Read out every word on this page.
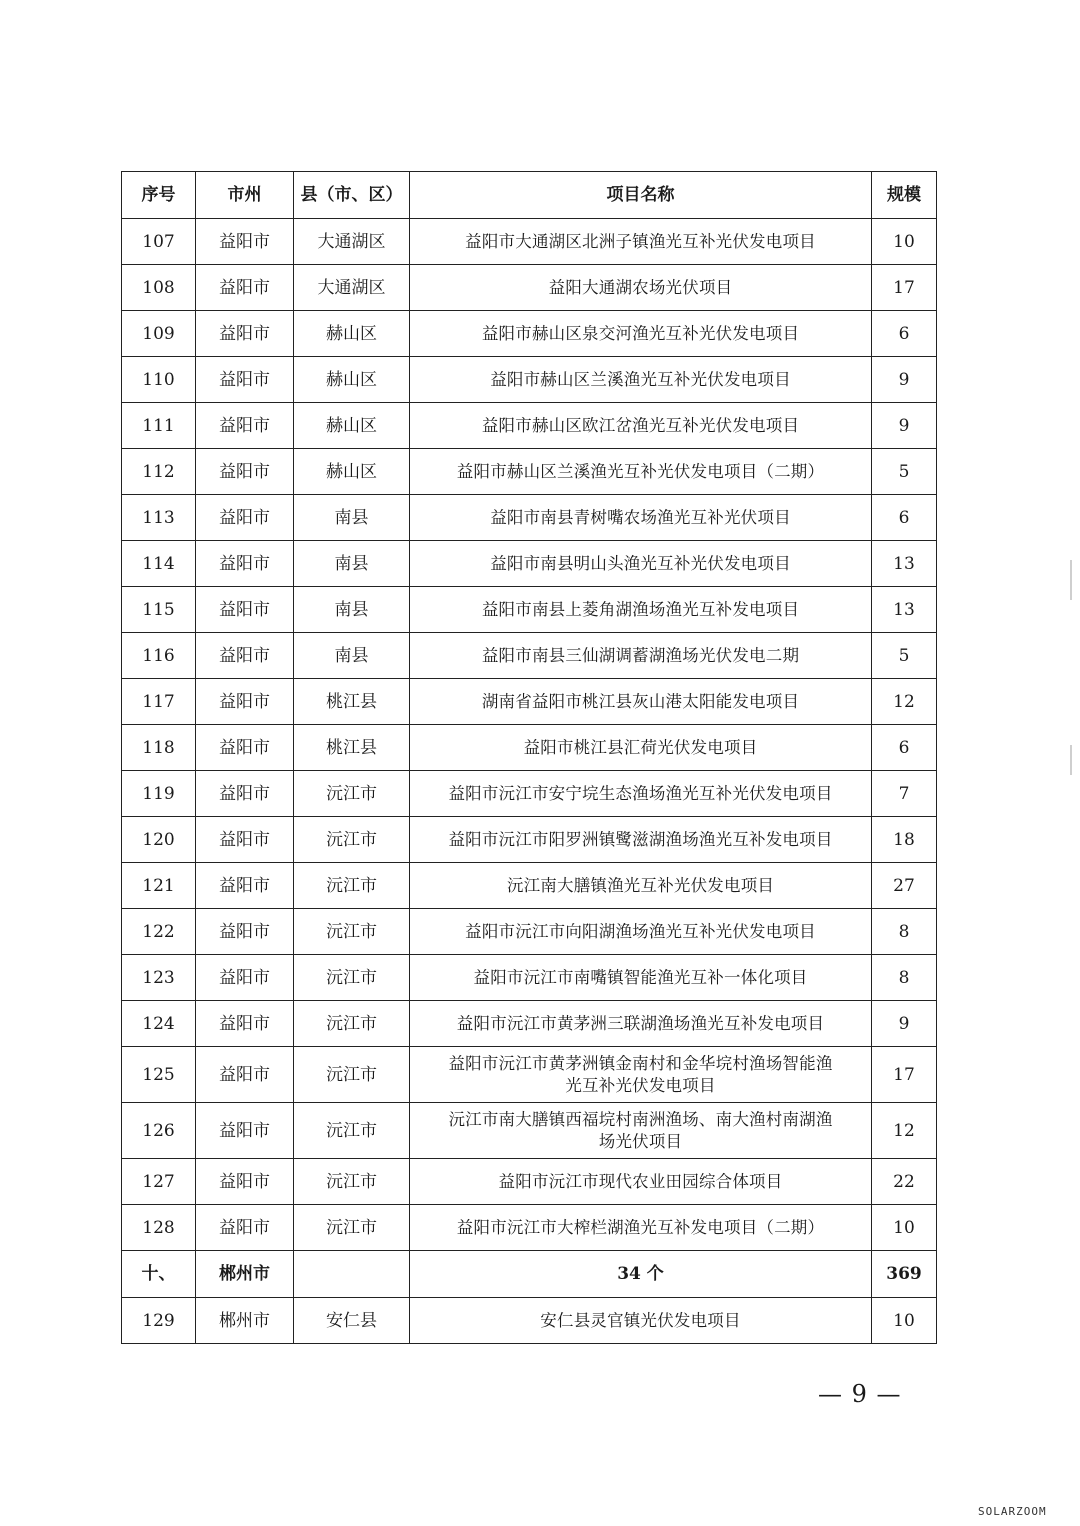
序号	市州	县（市、区）	项目名称	规模
107	益阳市	大通湖区	益阳市大通湖区北洲子镇渔光互补光伏发电项目	10
108	益阳市	大通湖区	益阳大通湖农场光伏项目	17
109	益阳市	赫山区	益阳市赫山区泉交河渔光互补光伏发电项目	6
110	益阳市	赫山区	益阳市赫山区兰溪渔光互补光伏发电项目	9
111	益阳市	赫山区	益阳市赫山区欧江岔渔光互补光伏发电项目	9
112	益阳市	赫山区	益阳市赫山区兰溪渔光互补光伏发电项目（二期）	5
113	益阳市	南县	益阳市南县青树嘴农场渔光互补光伏项目	6
114	益阳市	南县	益阳市南县明山头渔光互补光伏发电项目	13
115	益阳市	南县	益阳市南县上菱角湖渔场渔光互补发电项目	13
116	益阳市	南县	益阳市南县三仙湖调蓄湖渔场光伏发电二期	5
117	益阳市	桃江县	湖南省益阳市桃江县灰山港太阳能发电项目	12
118	益阳市	桃江县	益阳市桃江县汇荷光伏发电项目	6
119	益阳市	沅江市	益阳市沅江市安宁垸生态渔场渔光互补光伏发电项目	7
120	益阳市	沅江市	益阳市沅江市阳罗洲镇鹭滋湖渔场渔光互补发电项目	18
121	益阳市	沅江市	沅江南大膳镇渔光互补光伏发电项目	27
122	益阳市	沅江市	益阳市沅江市向阳湖渔场渔光互补光伏发电项目	8
123	益阳市	沅江市	益阳市沅江市南嘴镇智能渔光互补一体化项目	8
124	益阳市	沅江市	益阳市沅江市黄茅洲三联湖渔场渔光互补发电项目	9
125	益阳市	沅江市	益阳市沅江市黄茅洲镇金南村和金华垸村渔场智能渔
光互补光伏发电项目	17
126	益阳市	沅江市	沅江市南大膳镇西福垸村南洲渔场、南大渔村南湖渔
场光伏项目	12
127	益阳市	沅江市	益阳市沅江市现代农业田园综合体项目	22
128	益阳市	沅江市	益阳市沅江市大榨栏湖渔光互补发电项目（二期）	10
十、	郴州市		34 个	369
129	郴州市	安仁县	安仁县灵官镇光伏发电项目	10
— 9 —
SOLARZOOM
